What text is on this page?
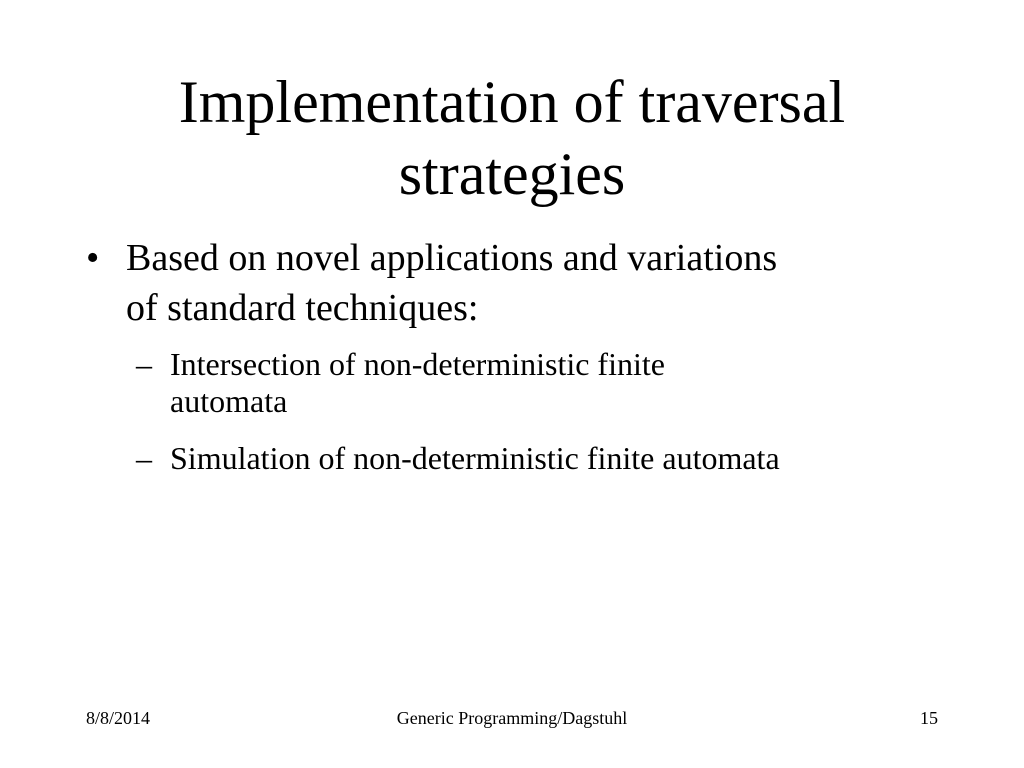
Implementation of traversal
strategies
• Based on novel applications and variations
of standard techniques:
– Intersection of non-deterministic finite
automata
– Simulation of non-deterministic finite automata
8/8/2014	Generic Programming/Dagstuhl	15
